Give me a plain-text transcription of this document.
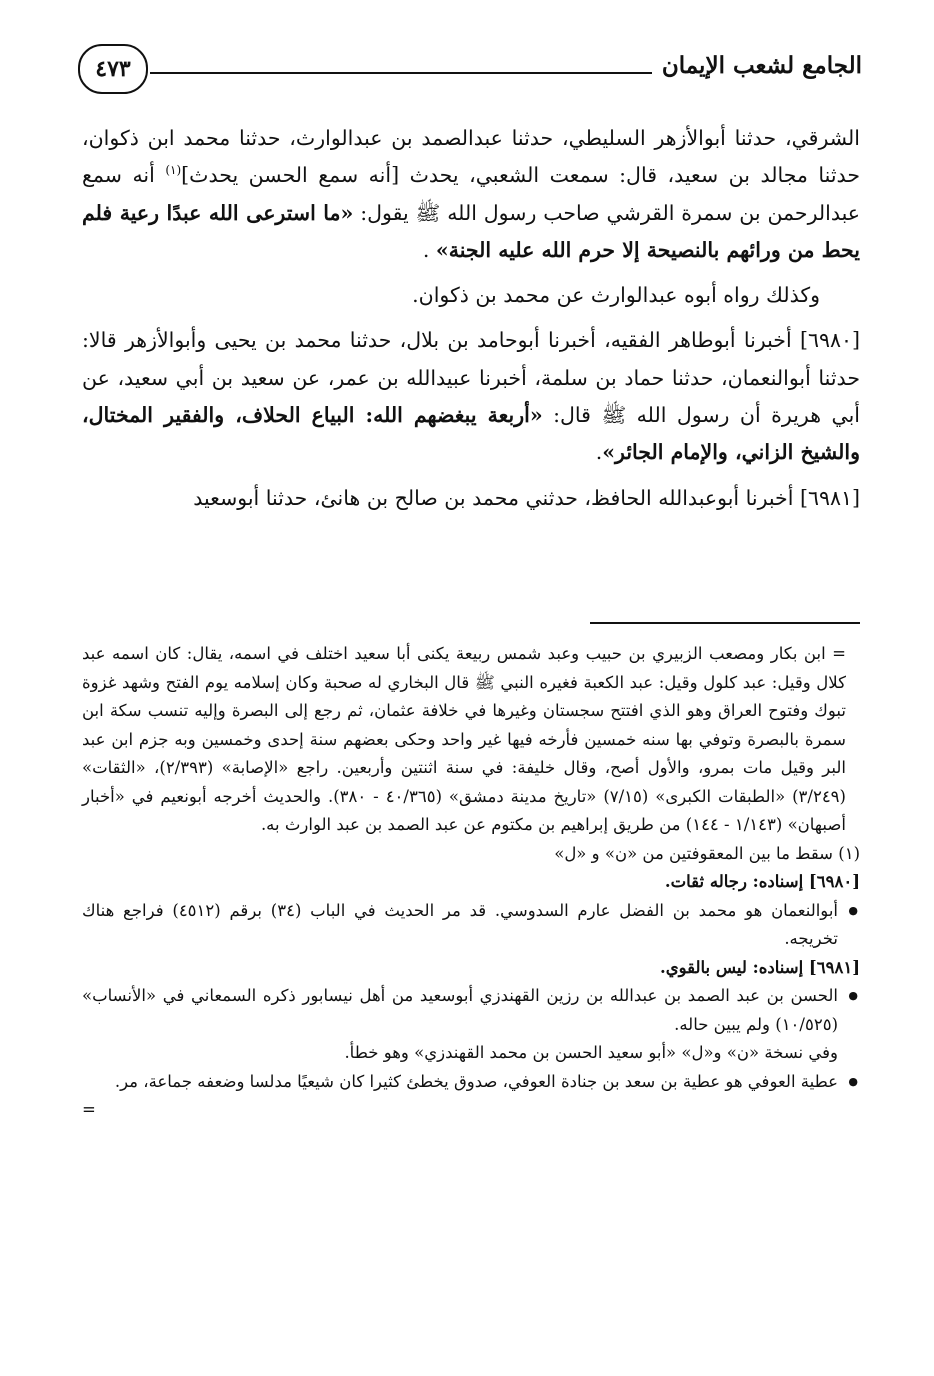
الجامع لشعب الإيمان
٤٧٣

الشرقي، حدثنا أبوالأزهر السليطي، حدثنا عبدالصمد بن عبدالوارث، حدثنا محمد ابن ذكوان، حدثنا مجالد بن سعيد، قال: سمعت الشعبي، يحدث [أنه سمع الحسن يحدث]$^{(١)}$ أنه سمع عبدالرحمن بن سمرة القرشي صاحب رسول الله ﷺ يقول: «ما استرعى الله عبدًا رعية فلم يحط من ورائهم بالنصيحة إلا حرم الله عليه الجنة» .

وكذلك رواه أبوه عبدالوارث عن محمد بن ذكوان.

[٦٩٨٠] أخبرنا أبوطاهر الفقيه، أخبرنا أبوحامد بن بلال، حدثنا محمد بن يحيى وأبوالأزهر قالا: حدثنا أبوالنعمان، حدثنا حماد بن سلمة، أخبرنا عبيدالله بن عمر، عن سعيد بن أبي سعيد، عن أبي هريرة أن رسول الله ﷺ قال: «أربعة يبغضهم الله: البياع الحلاف، والفقير المختال، والشيخ الزاني، والإمام الجائر».

[٦٩٨١] أخبرنا أبوعبدالله الحافظ، حدثني محمد بن صالح بن هانئ، حدثنا أبوسعيد

= ابن بكار ومصعب الزبيري بن حبيب وعبد شمس ربيعة يكنى أبا سعيد اختلف في اسمه، يقال: كان اسمه عبد كلال وقيل: عبد كلول وقيل: عبد الكعبة فغيره النبي ﷺ قال البخاري له صحبة وكان إسلامه يوم الفتح وشهد غزوة تبوك وفتوح العراق وهو الذي افتتح سجستان وغيرها في خلافة عثمان، ثم رجع إلى البصرة وإليه تنسب سكة ابن سمرة بالبصرة وتوفي بها سنه خمسين فأرخه فيها غير واحد وحكى بعضهم سنة إحدى وخمسين وبه جزم ابن عبد البر وقيل مات بمرو، والأول أصح، وقال خليفة: في سنة اثنتين وأربعين. راجع «الإصابة» (٢/٣٩٣)، «الثقات» (٣/٢٤٩) «الطبقات الكبرى» (٧/١٥) «تاريخ مدينة دمشق» (٤٠/٣٦٥ - ٣٨٠). والحديث أخرجه أبونعيم في «أخبار أصبهان» (١/١٤٣ - ١٤٤) من طريق إبراهيم بن مكتوم عن عبد الصمد بن عبد الوارث به.

(١) سقط ما بين المعقوفتين من «ن» و «ل»

[٦٩٨٠] إسناده: رجاله ثقات.

● أبوالنعمان هو محمد بن الفضل عارم السدوسي. قد مر الحديث في الباب (٣٤) برقم (٤٥١٢) فراجع هناك تخريجه.

[٦٩٨١] إسناده: ليس بالقوي.

● الحسن بن عبد الصمد بن عبدالله بن رزين القهندزي أبوسعيد من أهل نيسابور ذكره السمعاني في «الأنساب» (١٠/٥٢٥) ولم يبين حاله.

وفي نسخة «ن» و«ل» «أبو سعيد الحسن بن محمد القهندزي» وهو خطأ.

● عطية العوفي هو عطية بن سعد بن جنادة العوفي، صدوق يخطئ كثيرا كان شيعيًا مدلسا وضعفه جماعة، مر.

=
